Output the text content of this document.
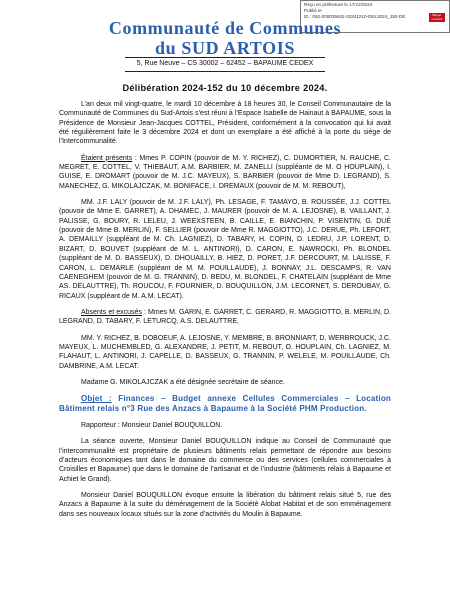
Reçu en préfecture le 17/12/2024
Publié le
ID : 062-200035842-20241210-DEL2024_152-DE	Berger Levrault
Communauté de Communes
du SUD ARTOIS
5, Rue Neuve – CS 30002 – 62452 – BAPAUME CEDEX
Délibération 2024-152 du 10 décembre 2024.

L’an deux mil vingt-quatre, le mardi 10 décembre à 18 heures 30, le Conseil Communautaire de la Communauté de Communes du Sud-Artois s’est réuni à l’Espace Isabelle de Hainaut à BAPAUME, sous la Présidence de Monsieur Jean-Jacques COTTEL, Président, conformément à la convocation qui lui avait été régulièrement faite le 3 décembre 2024 et dont un exemplaire a été affiché à la porte du siège de l’Intercommunalité.

Étaient présents : Mmes P. COPIN (pouvoir de M. Y. RICHEZ), C. DUMORTIER, N. RAUCHE, C. MEGRET, E. COTTEL, V. THIEBAUT, A.M. BARBIER, M. ZANELLI (suppléante de M. O HOUPLAIN), I. GUISE, E. DROMART (pouvoir de M. J.C. MAYEUX), S. BARBIER (pouvoir de Mme D. LEGRAND), S. MANECHEZ, G. MIKOLAJCZAK, M. BONIFACE, I. DREMAUX (pouvoir de M. M. REBOUT),

MM. J.F. LALY (pouvoir de M. J.F. LALY), Ph. LESAGE, F. TAMAYO, B. ROUSSÉE, J.J. COTTEL (pouvoir de Mme E. GARRET), A. DHAMEC, J. MAURER (pouvoir de M. A. LEJOSNE), B. VAILLANT, J. PALISSE, G. BOURY, R. LELEU, J. WEEXSTEEN, B. CAILLE, E. BIANCHIN, P. VISENTIN, G. DUÉ (pouvoir de Mme B. MERLIN), F. SELLIER (pouvoir de Mme R. MAGGIOTTO), J.C. DERUE, Ph. LEFORT, A. DEMAILLY (suppléant de M. Ch. LAGNIEZ), D. TABARY, H. COPIN, D. LEDRU, J.P. LORENT, D. BIZART, D. BOUVET (suppléant de M. L. ANTINORI), D. CARON, E. NAWROCKI, Ph. BLONDEL (suppléant de M. D. BASSEUX), D. DHOUAILLY, B. HIEZ, D. PORET, J.F. DERCOURT, M. LALISSE, F. CARON, L. DEMARLE (suppléant de M. M. POUILLAUDE), J. BONNAY, J.L. DESCAMPS, R. VAN CAENEGHEM (pouvoir de M. G. TRANNIN), D. BEDU, M. BLONDEL, F. CHATELAIN (suppléant de Mme AS. DELAUTTRE), Th. ROUCOU, F. FOURNIER, D. BOUQUILLON, J.M. LECORNET, S. DEROUBAY, G. RICAUX (suppléant de M. A.M. LECAT).

Absents et excusés : Mmes M. GARIN, E. GARRET, C. GERARD, R. MAGGIOTTO, B. MERLIN, D. LEGRAND, D. TABARY, F. LETURCQ, A.S. DELAUTTRE,

MM. Y. RICHEZ, B. DOBOEUF, A. LEJOSNE, Y. MEMBRE, B. BRONNIART, D. WERBROUCK, J.C. MAYEUX, L. MUCHEMBLED, G. ALEXANDRE, J. PETIT, M. REBOUT, O. HOUPLAIN, Ch. LAGNIEZ, M. FLAHAUT, L. ANTINORI, J. CAPELLE, D. BASSEUX, G. TRANNIN, P. WELELE, M. POUILLAUDE, Ch. DAMBRINE, A.M. LECAT.

Madame G. MIKOLAJCZAK a été désignée secrétaire de séance.

Objet : Finances – Budget annexe Cellules Commerciales – Location Bâtiment relais n°3 Rue des Anzacs à Bapaume à la Société PHM Production.

Rapporteur : Monsieur Daniel BOUQUILLON.

La séance ouverte, Monsieur Daniel BOUQUILLON indique au Conseil de Communauté que l’intercommunalité est propriétaire de plusieurs bâtiments relais permettant de répondre aux besoins d’acteurs économiques tant dans le domaine du commerce ou des services (cellules commerciales à Croisilles et Bapaume) que dans le domaine de l’artisanat et de l’industrie (bâtiments relais à Bapaume et Achiet le Grand).

Monsieur Daniel BOUQUILLON évoque ensuite la libération du bâtiment relais situé 5, rue des Anzacs à Bapaume à la suite du déménagement de la Société Alobat Habitat et de son emménagement dans ses nouveaux locaux situés sur la zone d’activités du Moulin à Bapaume.
